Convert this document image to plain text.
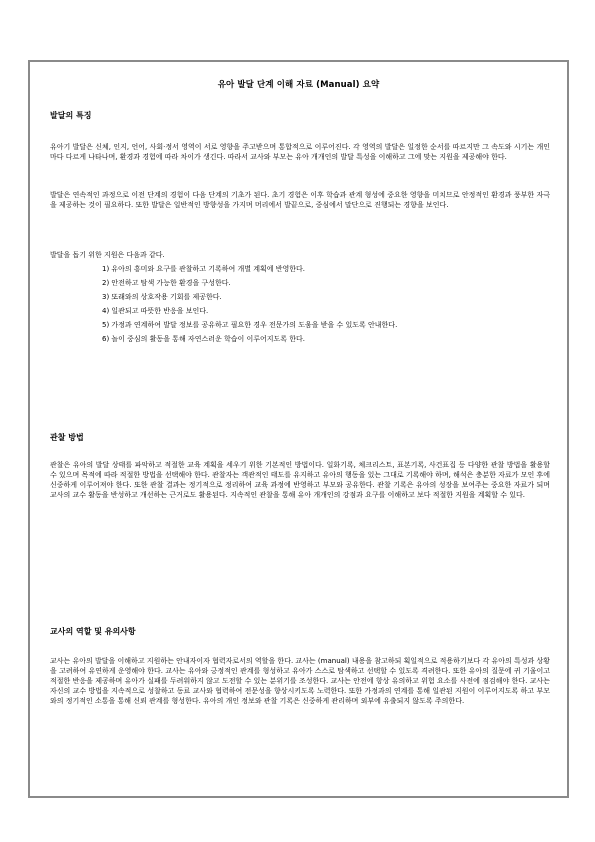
유아 발달 단계 이해 자료 (Manual) 요약
발달의 특징

유아기 발달은 신체, 인지, 언어, 사회·정서 영역이 서로 영향을 주고받으며 통합적으로 이루어진다. 각 영역의 발달은 일정한 순서를 따르지만 그 속도와 시기는 개인마다 다르게 나타나며, 환경과 경험에 따라 차이가 생긴다. 따라서 교사와 부모는 유아 개개인의 발달 특성을 이해하고 그에 맞는 지원을 제공해야 한다.

발달은 연속적인 과정으로 이전 단계의 경험이 다음 단계의 기초가 된다. 초기 경험은 이후 학습과 관계 형성에 중요한 영향을 미치므로 안정적인 환경과 풍부한 자극을 제공하는 것이 필요하다. 또한 발달은 일반적인 방향성을 가지며 머리에서 발끝으로, 중심에서 말단으로 진행되는 경향을 보인다.

발달을 돕기 위한 지원은 다음과 같다.

1) 유아의 흥미와 요구를 관찰하고 기록하여 개별 계획에 반영한다.
2) 안전하고 탐색 가능한 환경을 구성한다.
3) 또래와의 상호작용 기회를 제공한다.
4) 일관되고 따뜻한 반응을 보인다.
5) 가정과 연계하여 발달 정보를 공유하고 필요한 경우 전문가의 도움을 받을 수 있도록 안내한다.
6) 놀이 중심의 활동을 통해 자연스러운 학습이 이루어지도록 한다.
관찰 방법

관찰은 유아의 발달 상태를 파악하고 적절한 교육 계획을 세우기 위한 기본적인 방법이다. 일화기록, 체크리스트, 표본기록, 사건표집 등 다양한 관찰 방법을 활용할 수 있으며 목적에 따라 적절한 방법을 선택해야 한다. 관찰자는 객관적인 태도를 유지하고 유아의 행동을 있는 그대로 기록해야 하며, 해석은 충분한 자료가 모인 후에 신중하게 이루어져야 한다. 또한 관찰 결과는 정기적으로 정리하여 교육 과정에 반영하고 부모와 공유한다. 관찰 기록은 유아의 성장을 보여주는 중요한 자료가 되며 교사의 교수 활동을 반성하고 개선하는 근거로도 활용된다. 지속적인 관찰을 통해 유아 개개인의 강점과 요구를 이해하고 보다 적절한 지원을 계획할 수 있다.

교사의 역할 및 유의사항

교사는 유아의 발달을 이해하고 지원하는 안내자이자 협력자로서의 역할을 한다. 교사는 (manual) 내용을 참고하되 획일적으로 적용하기보다 각 유아의 특성과 상황을 고려하여 유연하게 운영해야 한다. 교사는 유아와 긍정적인 관계를 형성하고 유아가 스스로 탐색하고 선택할 수 있도록 격려한다. 또한 유아의 질문에 귀 기울이고 적절한 반응을 제공하며 유아가 실패를 두려워하지 않고 도전할 수 있는 분위기를 조성한다. 교사는 안전에 항상 유의하고 위험 요소를 사전에 점검해야 한다. 교사는 자신의 교수 방법을 지속적으로 성찰하고 동료 교사와 협력하여 전문성을 향상시키도록 노력한다. 또한 가정과의 연계를 통해 일관된 지원이 이루어지도록 하고 부모와의 정기적인 소통을 통해 신뢰 관계를 형성한다. 유아의 개인 정보와 관찰 기록은 신중하게 관리하며 외부에 유출되지 않도록 주의한다.
